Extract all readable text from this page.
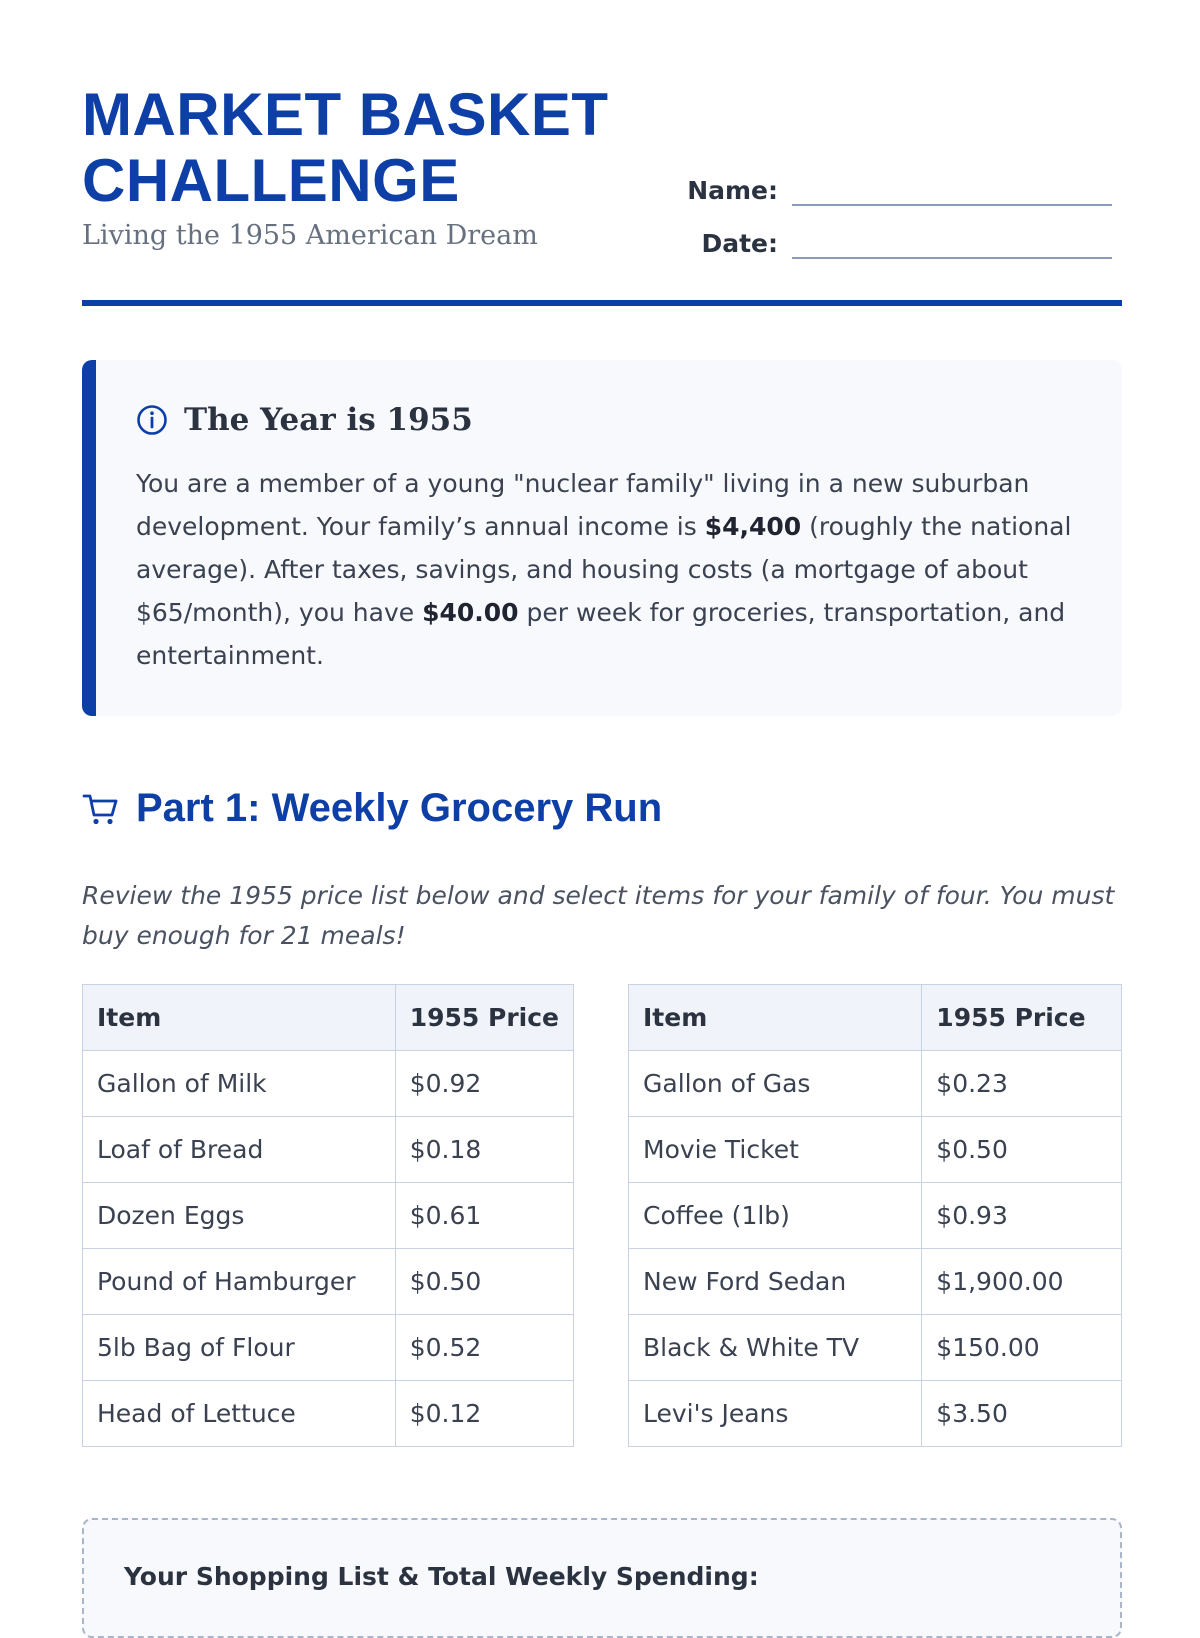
MARKET BASKET
CHALLENGE
Living the 1955 American Dream
Name:
Date:
The Year is 1955
You are a member of a young "nuclear family" living in a new suburban development. Your family’s annual income is $4,400 (roughly the national average). After taxes, savings, and housing costs (a mortgage of about $65/month), you have $40.00 per week for groceries, transportation, and entertainment.
Part 1: Weekly Grocery Run
Review the 1955 price list below and select items for your family of four. You must buy enough for 21 meals!
Item	1955 Price
Gallon of Milk	$0.92
Loaf of Bread	$0.18
Dozen Eggs	$0.61
Pound of Hamburger	$0.50
5lb Bag of Flour	$0.52
Head of Lettuce	$0.12
Item	1955 Price
Gallon of Gas	$0.23
Movie Ticket	$0.50
Coffee (1lb)	$0.93
New Ford Sedan	$1,900.00
Black & White TV	$150.00
Levi's Jeans	$3.50
Your Shopping List & Total Weekly Spending:
